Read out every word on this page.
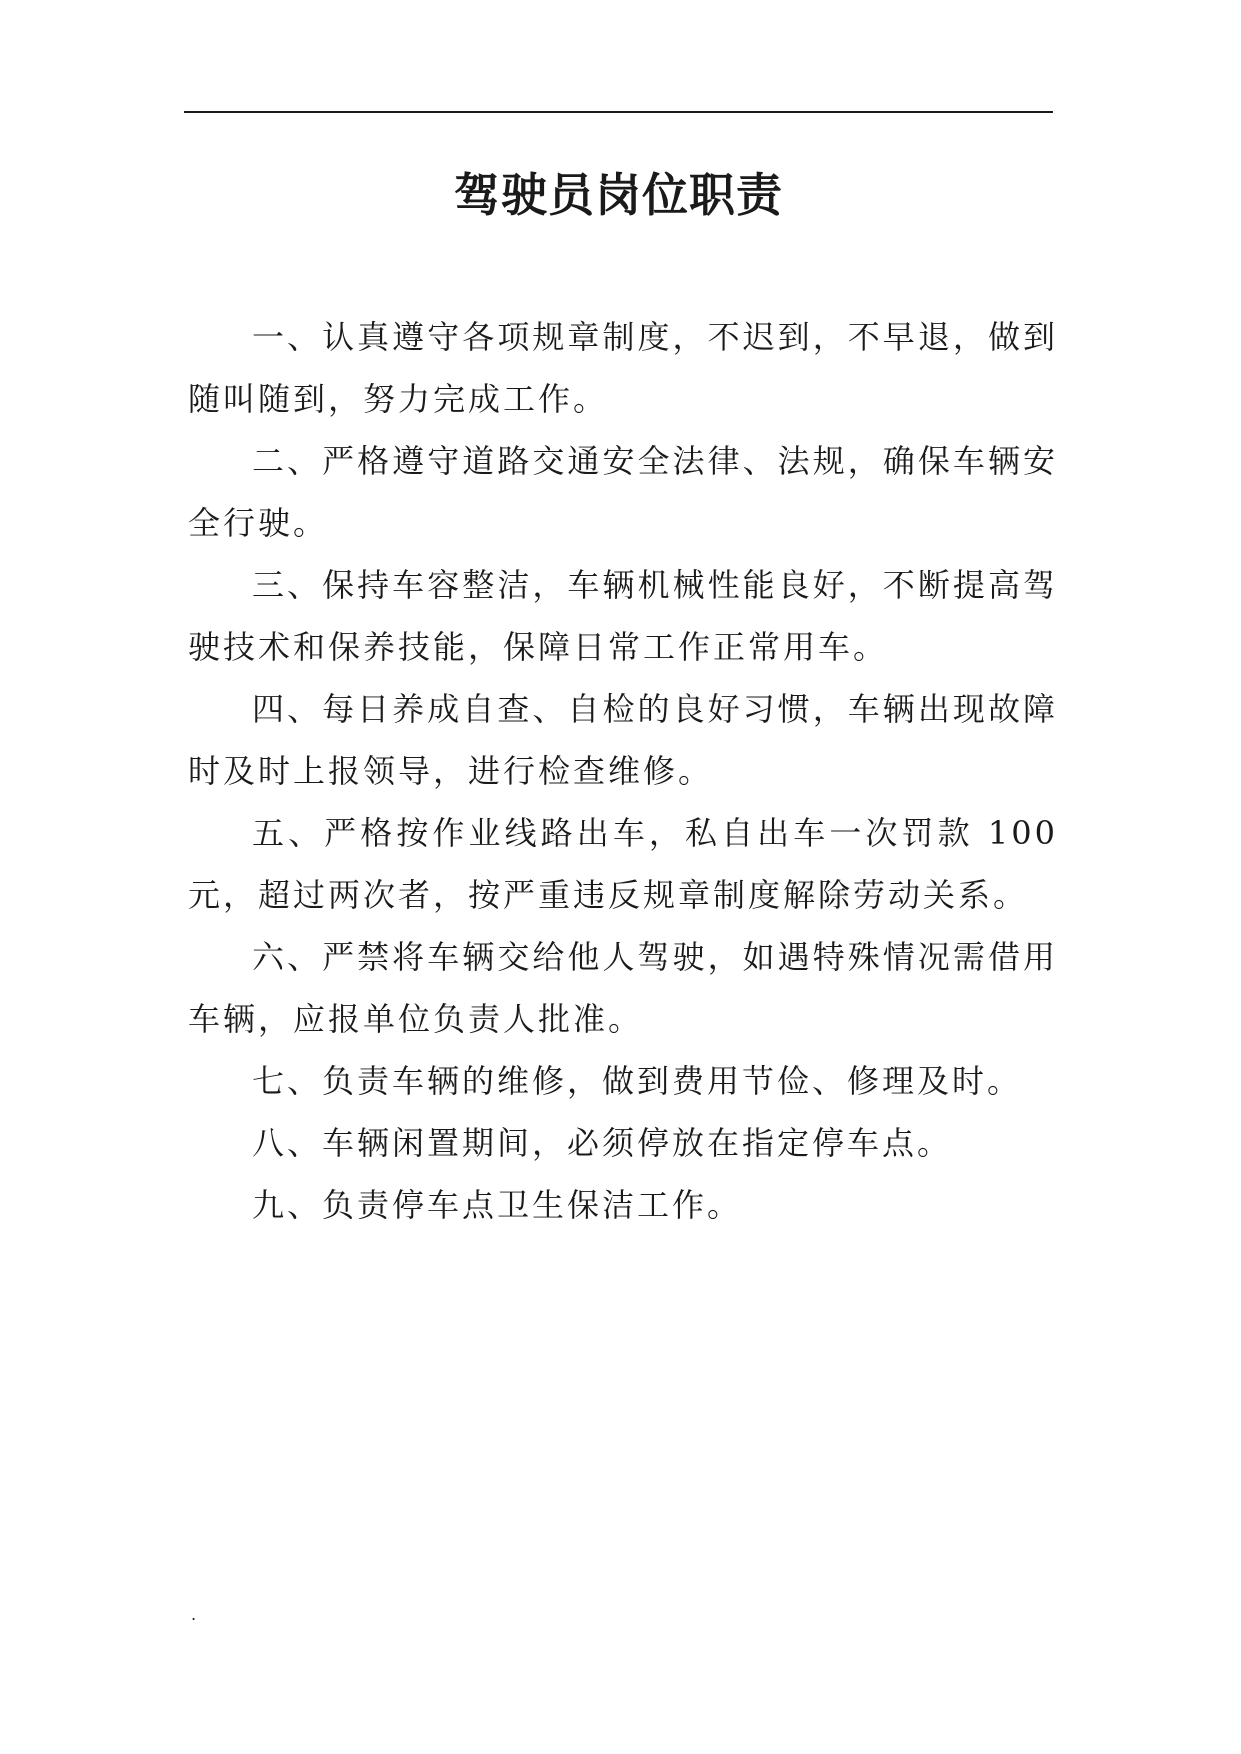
驾驶员岗位职责

一、认真遵守各项规章制度，不迟到，不早退，做到随叫随到，努力完成工作。

二、严格遵守道路交通安全法律、法规，确保车辆安全行驶。

三、保持车容整洁，车辆机械性能良好，不断提高驾驶技术和保养技能，保障日常工作正常用车。

四、每日养成自查、自检的良好习惯，车辆出现故障时及时上报领导，进行检查维修。

五、严格按作业线路出车，私自出车一次罚款 100 元，超过两次者，按严重违反规章制度解除劳动关系。

六、严禁将车辆交给他人驾驶，如遇特殊情况需借用车辆，应报单位负责人批准。

七、负责车辆的维修，做到费用节俭、修理及时。

八、车辆闲置期间，必须停放在指定停车点。

九、负责停车点卫生保洁工作。

.
